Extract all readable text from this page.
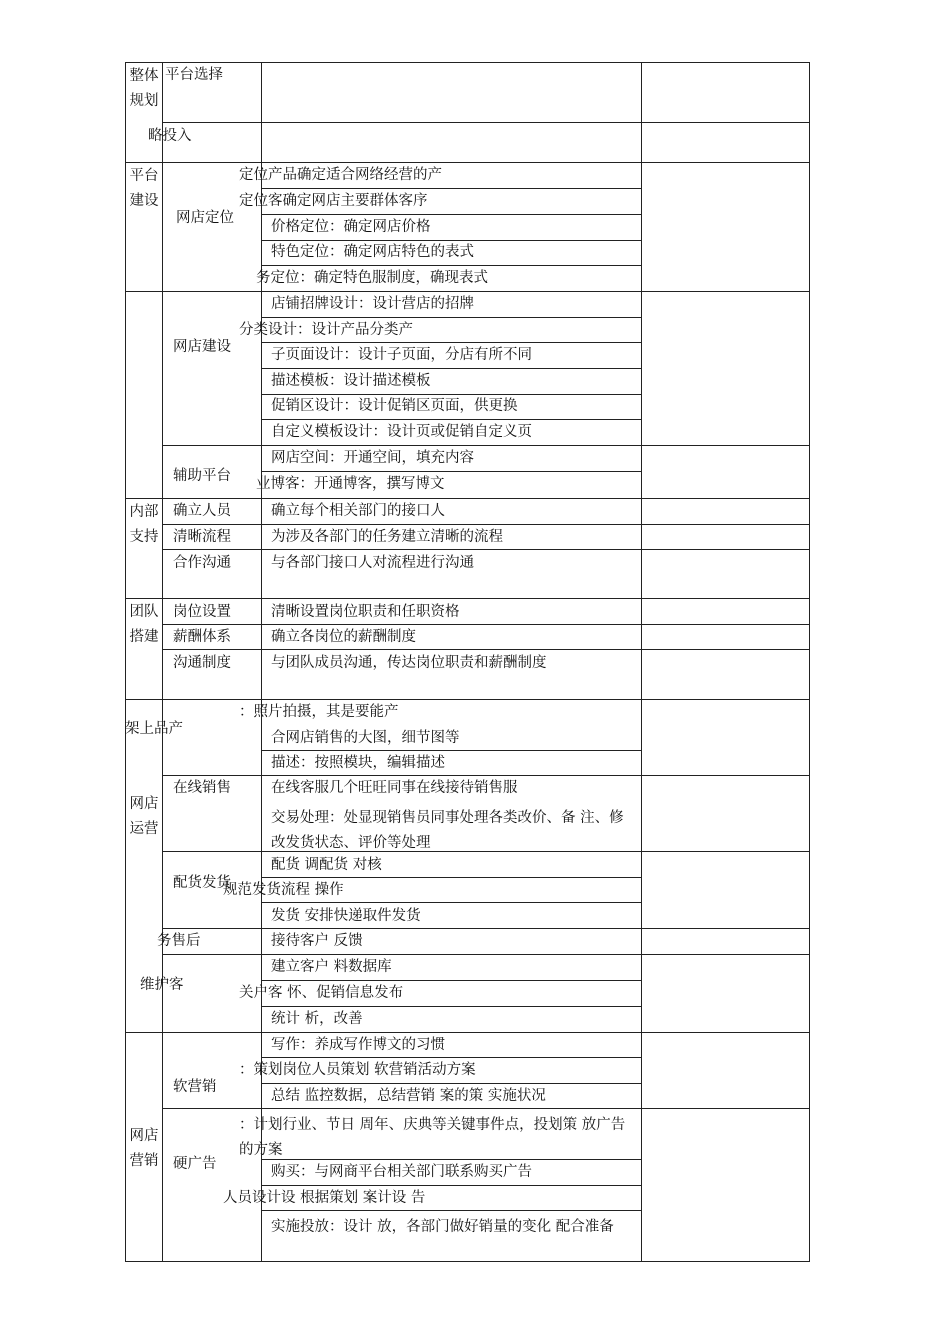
整体规划
平台建设
内部支持
团队搭建
网店运营
网店营销
平台选择
略投入
网店定位
网店建设
辅助平台
确立人员
清晰流程
合作沟通
岗位设置
薪酬体系
沟通制度
架上品产
在线销售
配货发货
务售后
维护客
软营销
硬广告
定位产品确定适合网络经营的产
定位客确定网店主要群体客序
价格定位：确定网店价格
特色定位：确定网店特色的表式
务定位：确定特色服制度，确现表式
店铺招牌设计：设计营店的招牌
分类设计：设计产品分类产
子页面设计：设计子页面，分店有所不同
描述模板：设计描述模板
促销区设计：设计促销区页面，供更换
自定义模板设计：设计页或促销自定义页
网店空间：开通空间，填充内容
业博客：开通博客，撰写博文
确立每个相关部门的接口人
为涉及各部门的任务建立清晰的流程
与各部门接口人对流程进行沟通
清晰设置岗位职责和任职资格
确立各岗位的薪酬制度
与团队成员沟通，传达岗位职责和薪酬制度
：照片拍摄，其是要能产
合网店销售的大图，细节图等
描述：按照模块，编辑描述
在线客服几个旺旺同事在线接待销售服
交易处理：处显现销售员同事处理各类改价、备 注、修改发货状态、评价等处理
配货 调配货 对核
规范发货流程 操作
发货 安排快递取件发货
接待客户 反馈
建立客户 料数据库
关户客 怀、促销信息发布
统计 析，改善
写作：养成写作博文的习惯
：策划岗位人员策划 软营销活动方案
总结 监控数据，总结营销 案的策 实施状况
：计划行业、节日 周年、庆典等关键事件点，投划策 放广告的方案
购买：与网商平台相关部门联系购买广告
人员设计设 根据策划 案计设 告
实施投放：设计 放，各部门做好销量的变化 配合准备
